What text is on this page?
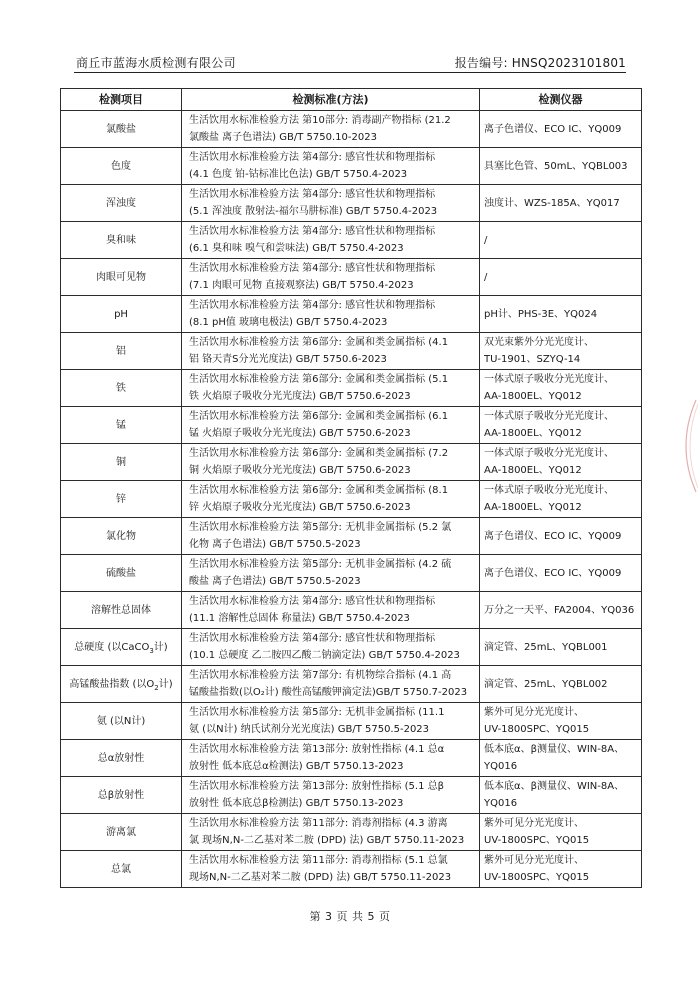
商丘市蓝海水质检测有限公司	报告编号: HNSQ2023101801
检测项目	检测标准(方法)	检测仪器
氯酸盐	生活饮用水标准检验方法 第10部分: 消毒副产物指标 (21.2
氯酸盐 离子色谱法) GB/T 5750.10-2023	离子色谱仪、ECO IC、YQ009

色度	生活饮用水标准检验方法 第4部分: 感官性状和物理指标
(4.1 色度 铂-钴标准比色法) GB/T 5750.4-2023	具塞比色管、50mL、YQBL003

浑浊度	生活饮用水标准检验方法 第4部分: 感官性状和物理指标
(5.1 浑浊度 散射法-福尔马肼标准) GB/T 5750.4-2023	浊度计、WZS-185A、YQ017

臭和味	生活饮用水标准检验方法 第4部分: 感官性状和物理指标
(6.1 臭和味 嗅气和尝味法) GB/T 5750.4-2023	/

肉眼可见物	生活饮用水标准检验方法 第4部分: 感官性状和物理指标
(7.1 肉眼可见物 直接观察法) GB/T 5750.4-2023	/

pH	生活饮用水标准检验方法 第4部分: 感官性状和物理指标
(8.1 pH值 玻璃电极法) GB/T 5750.4-2023	pH计、PHS-3E、YQ024

铝	生活饮用水标准检验方法 第6部分: 金属和类金属指标 (4.1
铝 铬天青S分光光度法) GB/T 5750.6-2023	双光束紫外分光光度计、
TU-1901、SZYQ-14

铁	生活饮用水标准检验方法 第6部分: 金属和类金属指标 (5.1
铁 火焰原子吸收分光光度法) GB/T 5750.6-2023	一体式原子吸收分光光度计、
AA-1800EL、YQ012

锰	生活饮用水标准检验方法 第6部分: 金属和类金属指标 (6.1
锰 火焰原子吸收分光光度法) GB/T 5750.6-2023	一体式原子吸收分光光度计、
AA-1800EL、YQ012

铜	生活饮用水标准检验方法 第6部分: 金属和类金属指标 (7.2
铜 火焰原子吸收分光光度法) GB/T 5750.6-2023	一体式原子吸收分光光度计、
AA-1800EL、YQ012

锌	生活饮用水标准检验方法 第6部分: 金属和类金属指标 (8.1
锌 火焰原子吸收分光光度法) GB/T 5750.6-2023	一体式原子吸收分光光度计、
AA-1800EL、YQ012

氯化物	生活饮用水标准检验方法 第5部分: 无机非金属指标 (5.2 氯
化物 离子色谱法) GB/T 5750.5-2023	离子色谱仪、ECO IC、YQ009

硫酸盐	生活饮用水标准检验方法 第5部分: 无机非金属指标 (4.2 硫
酸盐 离子色谱法) GB/T 5750.5-2023	离子色谱仪、ECO IC、YQ009

溶解性总固体	生活饮用水标准检验方法 第4部分: 感官性状和物理指标
(11.1 溶解性总固体 称量法) GB/T 5750.4-2023	万分之一天平、FA2004、YQ036

总硬度 (以CaCO$_3$计)	生活饮用水标准检验方法 第4部分: 感官性状和物理指标
(10.1 总硬度 乙二胺四乙酸二钠滴定法) GB/T 5750.4-2023	滴定管、25mL、YQBL001

高锰酸盐指数 (以$O_2$计)	生活饮用水标准检验方法 第7部分: 有机物综合指标 (4.1 高
锰酸盐指数(以O₂计) 酸性高锰酸钾滴定法)GB/T 5750.7-2023	滴定管、25mL、YQBL002

氨 (以N计)	生活饮用水标准检验方法 第5部分: 无机非金属指标 (11.1
氨 (以N计) 纳氏试剂分光光度法) GB/T 5750.5-2023	紫外可见分光光度计、
UV-1800SPC、YQ015

总α放射性	生活饮用水标准检验方法 第13部分: 放射性指标 (4.1 总α
放射性 低本底总α检测法) GB/T 5750.13-2023	低本底α、β测量仪、WIN-8A、
YQ016

总β放射性	生活饮用水标准检验方法 第13部分: 放射性指标 (5.1 总β
放射性 低本底总β检测法) GB/T 5750.13-2023	低本底α、β测量仪、WIN-8A、
YQ016

游离氯	生活饮用水标准检验方法 第11部分: 消毒剂指标 (4.3 游离
氯 现场N,N-二乙基对苯二胺 (DPD) 法) GB/T 5750.11-2023	紫外可见分光光度计、
UV-1800SPC、YQ015

总氯	生活饮用水标准检验方法 第11部分: 消毒剂指标 (5.1 总氯
现场N,N-二乙基对苯二胺 (DPD) 法) GB/T 5750.11-2023	紫外可见分光光度计、
UV-1800SPC、YQ015
第 3 页 共 5 页
